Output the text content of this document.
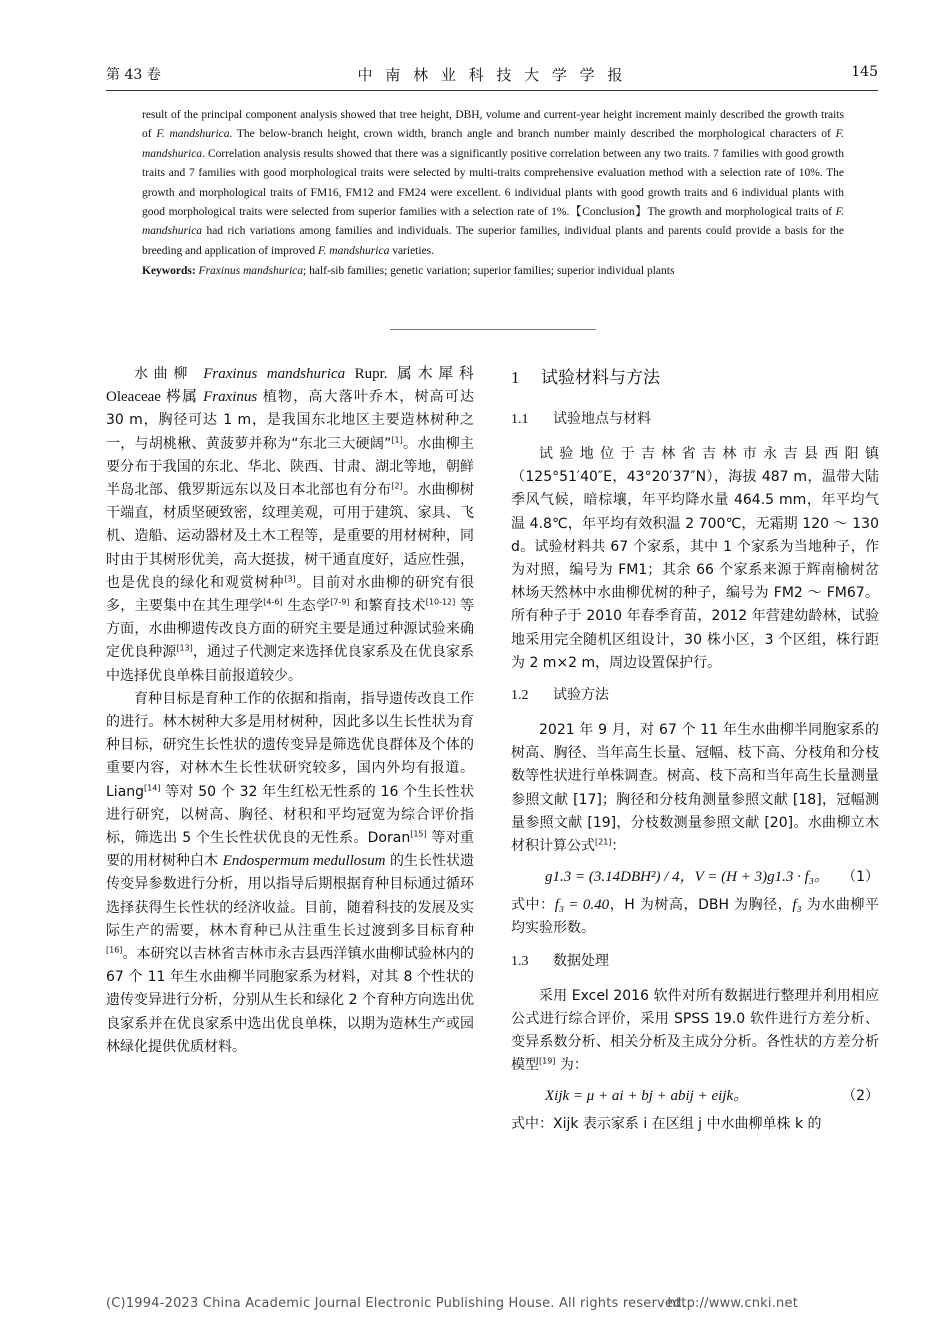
第 43 卷	中 南 林 业 科 技 大 学 学 报	145

result of the principal component analysis showed that tree height, DBH, volume and current-year height increment mainly described the growth traits of F. mandshurica. The below-branch height, crown width, branch angle and branch number mainly described the morphological characters of F. mandshurica. Correlation analysis results showed that there was a significantly positive correlation between any two traits. 7 families with good growth traits and 7 families with good morphological traits were selected by multi-traits comprehensive evaluation method with a selection rate of 10%. The growth and morphological traits of FM16, FM12 and FM24 were excellent. 6 individual plants with good growth traits and 6 individual plants with good morphological traits were selected from superior families with a selection rate of 1%.【Conclusion】The growth and morphological traits of F. mandshurica had rich variations among families and individuals. The superior families, individual plants and parents could provide a basis for the breeding and application of improved F. mandshurica varieties.

Keywords: Fraxinus mandshurica; half-sib families; genetic variation; superior families; superior individual plants

水曲柳 Fraxinus mandshurica Rupr. 属木犀科 Oleaceae 梣属 Fraxinus 植物，高大落叶乔木，树高可达 30 m，胸径可达 1 m，是我国东北地区主要造林树种之一，与胡桃楸、黄菠萝并称为“东北三大硬阔”[1]。水曲柳主要分布于我国的东北、华北、陕西、甘肃、湖北等地，朝鲜半岛北部、俄罗斯远东以及日本北部也有分布[2]。水曲柳树干端直，材质坚硬致密，纹理美观，可用于建筑、家具、飞机、造船、运动器材及土木工程等，是重要的用材树种，同时由于其树形优美，高大挺拔，树干通直度好，适应性强，也是优良的绿化和观赏树种[3]。目前对水曲柳的研究有很多，主要集中在其生理学[4-6] 生态学[7-9] 和繁育技术[10-12] 等方面，水曲柳遗传改良方面的研究主要是通过种源试验来确定优良种源[13]，通过子代测定来选择优良家系及在优良家系中选择优良单株目前报道较少。

育种目标是育种工作的依据和指南，指导遗传改良工作的进行。林木树种大多是用材树种，因此多以生长性状为育种目标，研究生长性状的遗传变异是筛选优良群体及个体的重要内容，对林木生长性状研究较多，国内外均有报道。Liang[14] 等对 50 个 32 年生红松无性系的 16 个生长性状进行研究，以树高、胸径、材积和平均冠宽为综合评价指标，筛选出 5 个生长性状优良的无性系。Doran[15] 等对重要的用材树种白木 Endospermum medullosum 的生长性状遗传变异参数进行分析，用以指导后期根据育种目标通过循环选择获得生长性状的经济收益。目前，随着科技的发展及实际生产的需要，林木育种已从注重生长过渡到多目标育种[16]。本研究以吉林省吉林市永吉县西洋镇水曲柳试验林内的 67 个 11 年生水曲柳半同胞家系为材料，对其 8 个性状的遗传变异进行分析，分别从生长和绿化 2 个育种方向选出优良家系并在优良家系中选出优良单株，以期为造林生产或园林绿化提供优质材料。

1 试验材料与方法
1.1 试验地点与材料

试验地位于吉林省吉林市永吉县西阳镇（125°51′40″E，43°20′37″N），海拔 487 m，温带大陆季风气候，暗棕壤，年平均降水量 464.5 mm，年平均气温 4.8℃，年平均有效积温 2 700℃，无霜期 120 ～ 130 d。试验材料共 67 个家系，其中 1 个家系为当地种子，作为对照，编号为 FM1；其余 66 个家系来源于辉南榆树岔林场天然林中水曲柳优树的种子，编号为 FM2 ～ FM67。所有种子于 2010 年春季育苗，2012 年营建幼龄林，试验地采用完全随机区组设计，30 株小区，3 个区组，株行距为 2 m×2 m，周边设置保护行。

1.2 试验方法

2021 年 9 月，对 67 个 11 年生水曲柳半同胞家系的树高、胸径、当年高生长量、冠幅、枝下高、分枝角和分枝数等性状进行单株调查。树高、枝下高和当年高生长量测量参照文献 [17]；胸径和分枝角测量参照文献 [18]，冠幅测量参照文献 [19]，分枝数测量参照文献 [20]。水曲柳立木材积计算公式[21]：

g1.3 = (3.14DBH²) / 4，V = (H + 3)g1.3 · f₃。 （1）

式中：f₃ = 0.40，H 为树高，DBH 为胸径，f₃ 为水曲柳平均实验形数。

1.3 数据处理

采用 Excel 2016 软件对所有数据进行整理并利用相应公式进行综合评价，采用 SPSS 19.0 软件进行方差分析、变异系数分析、相关分析及主成分分析。各性状的方差分析模型[19] 为：

Xijk = μ + ai + bj + abij + eijk。	（2）

式中：Xijk 表示家系 i 在区组 j 中水曲柳单株 k 的

(C)1994-2023 China Academic Journal Electronic Publishing House. All rights reserved.
http://www.cnki.net
